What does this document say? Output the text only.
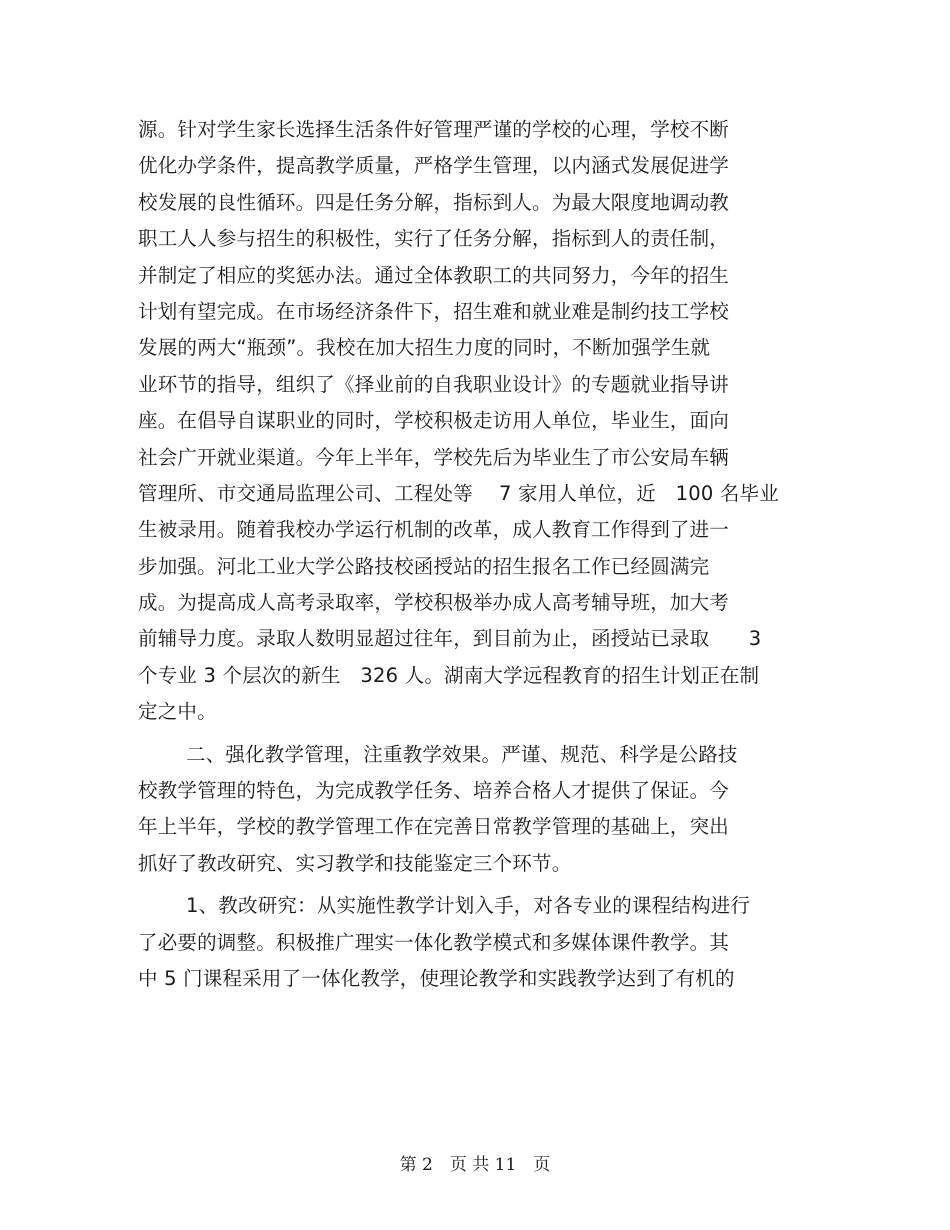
源。针对学生家长选择生活条件好管理严谨的学校的心理，学校不断
优化办学条件，提高教学质量，严格学生管理，以内涵式发展促进学
校发展的良性循环。四是任务分解，指标到人。为最大限度地调动教
职工人人参与招生的积极性，实行了任务分解，指标到人的责任制，
并制定了相应的奖惩办法。通过全体教职工的共同努力，今年的招生
计划有望完成。在市场经济条件下，招生难和就业难是制约技工学校
发展的两大“瓶颈”。我校在加大招生力度的同时，不断加强学生就
业环节的指导，组织了《择业前的自我职业设计》的专题就业指导讲
座。在倡导自谋职业的同时，学校积极走访用人单位，毕业生，面向
社会广开就业渠道。今年上半年，学校先后为毕业生了市公安局车辆
管理所、市交通局监理公司、工程处等　 7 家用人单位，近　100 名毕业
生被录用。随着我校办学运行机制的改革，成人教育工作得到了进一
步加强。河北工业大学公路技校函授站的招生报名工作已经圆满完
成。为提高成人高考录取率，学校积极举办成人高考辅导班，加大考
前辅导力度。录取人数明显超过往年，到目前为止，函授站已录取　　3
个专业 3 个层次的新生　326 人。湖南大学远程教育的招生计划正在制
定之中。
二、强化教学管理，注重教学效果。严谨、规范、科学是公路技
校教学管理的特色，为完成教学任务、培养合格人才提供了保证。今
年上半年，学校的教学管理工作在完善日常教学管理的基础上，突出
抓好了教改研究、实习教学和技能鉴定三个环节。
1、教改研究：从实施性教学计划入手，对各专业的课程结构进行
了必要的调整。积极推广理实一体化教学模式和多媒体课件教学。其
中 5 门课程采用了一体化教学，使理论教学和实践教学达到了有机的
第 2　页 共 11　页
